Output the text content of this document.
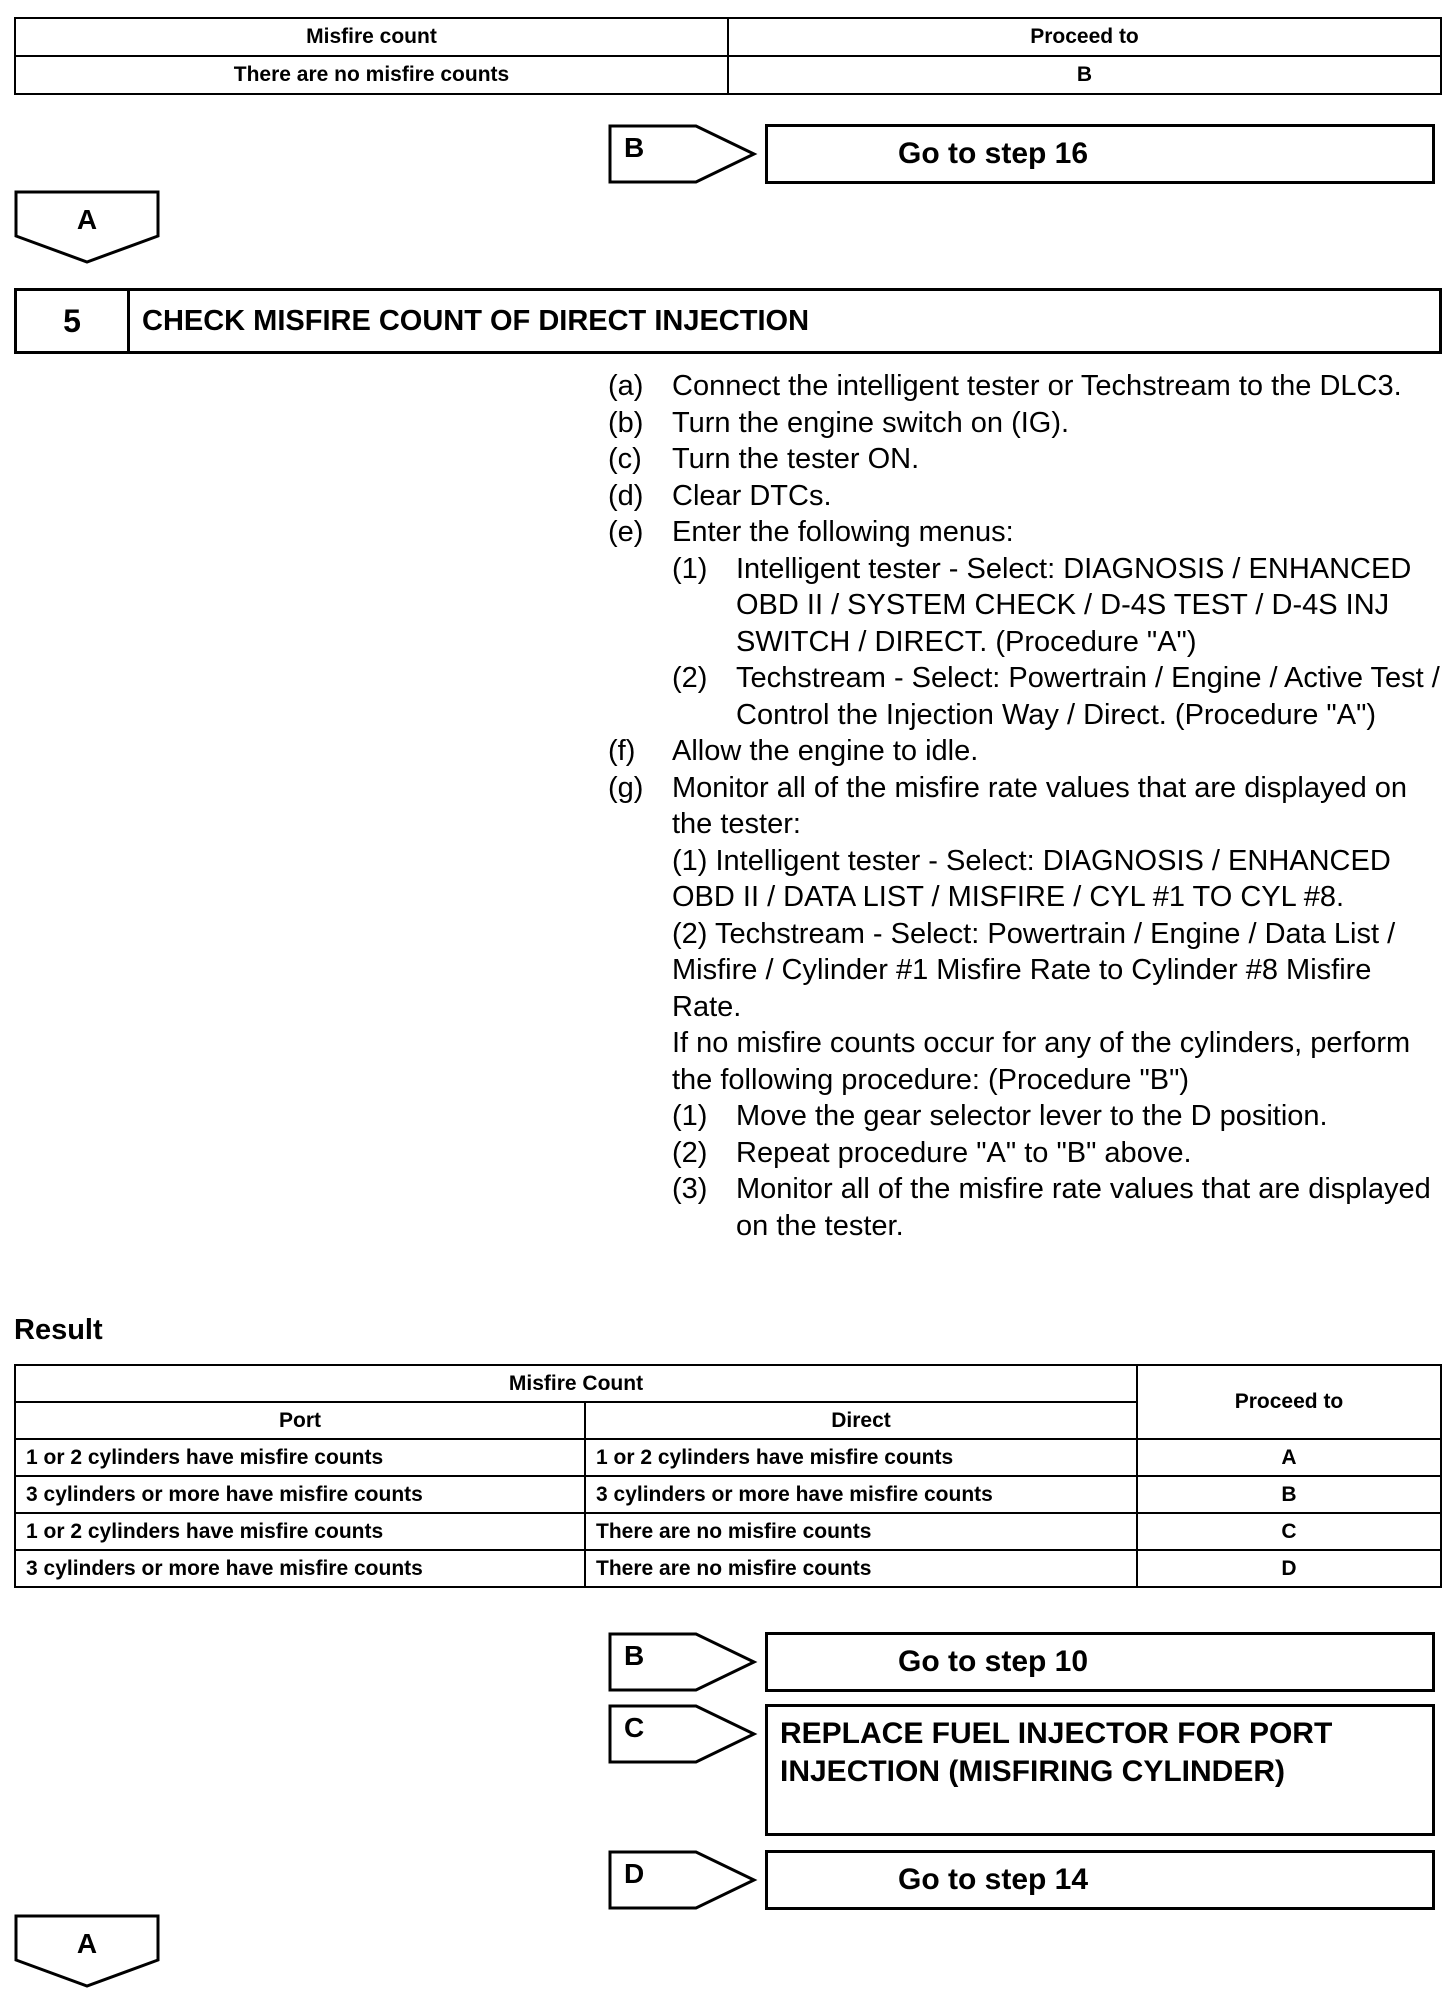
Misfire count	Proceed to
There are no misfire counts	B
B	Go to step 16
A
5	CHECK MISFIRE COUNT OF DIRECT INJECTION
(a) Connect the intelligent tester or Techstream to the DLC3.
(b) Turn the engine switch on (IG).
(c)	Turn the tester ON.
(d) Clear DTCs.
(e) Enter the following menus:
(1) Intelligent tester - Select: DIAGNOSIS / ENHANCED OBD II / SYSTEM CHECK / D-4S TEST / D-4S INJ SWITCH / DIRECT. (Procedure "A")
(2) Techstream - Select: Powertrain / Engine / Active Test / Control the Injection Way / Direct. (Procedure "A")
(f)	Allow the engine to idle.
(g) Monitor all of the misfire rate values that are displayed on the tester:
(1) Intelligent tester - Select: DIAGNOSIS / ENHANCED OBD II / DATA LIST / MISFIRE / CYL #1 TO CYL #8.
(2) Techstream - Select: Powertrain / Engine / Data List / Misfire / Cylinder #1 Misfire Rate to Cylinder #8 Misfire Rate.
If no misfire counts occur for any of the cylinders, perform the following procedure: (Procedure "B")
(1) Move the gear selector lever to the D position.
(2) Repeat procedure "A" to "B" above.
(3) Monitor all of the misfire rate values that are displayed on the tester.
Result
Misfire Count		Proceed to
Port	Direct	
1 or 2 cylinders have misfire counts	1 or 2 cylinders have misfire counts	A
3 cylinders or more have misfire counts	3 cylinders or more have misfire counts	B
1 or 2 cylinders have misfire counts	There are no misfire counts	C
3 cylinders or more have misfire counts	There are no misfire counts	D
B	Go to step 10
C	REPLACE FUEL INJECTOR FOR PORT INJECTION (MISFIRING CYLINDER)
D	Go to step 14
A
